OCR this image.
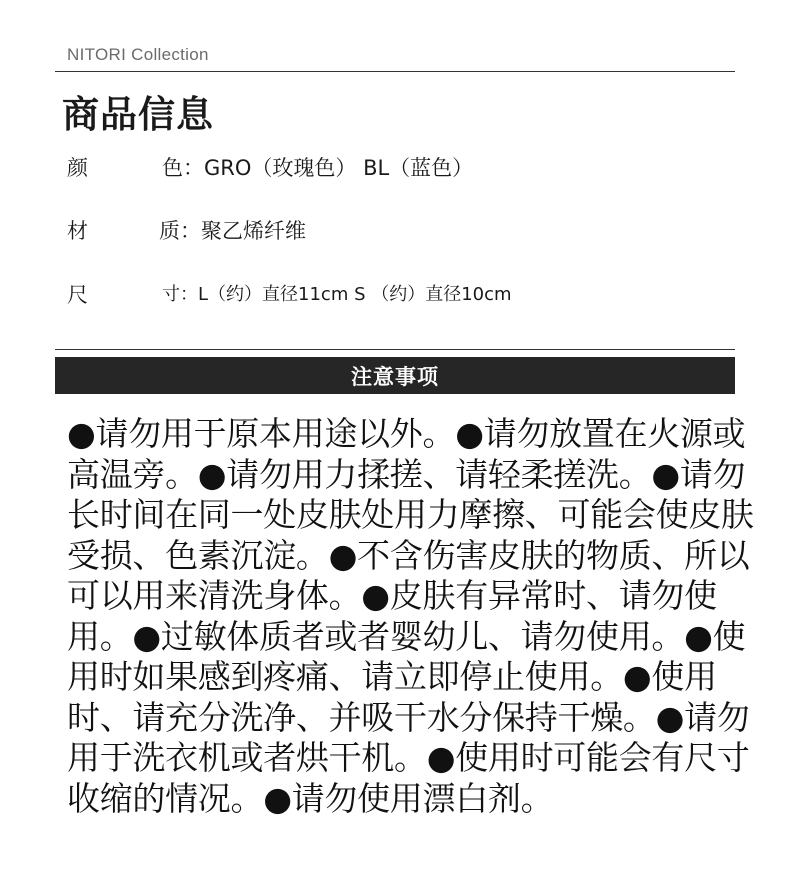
NITORI Collection
商品信息
颜	色：GRO（玫瑰色） BL（蓝色）
材	质：聚乙烯纤维
尺	寸：L（约）直径11cm S （约）直径10cm
注意事项
●请勿用于原本用途以外。●请勿放置在火源或
高温旁。●请勿用力揉搓、请轻柔搓洗。●请勿
长时间在同一处皮肤处用力摩擦、可能会使皮肤
受损、色素沉淀。●不含伤害皮肤的物质、所以
可以用来清洗身体。●皮肤有异常时、请勿使
用。●过敏体质者或者婴幼儿、请勿使用。●使
用时如果感到疼痛、请立即停止使用。●使用
时、请充分洗净、并吸干水分保持干燥。●请勿
用于洗衣机或者烘干机。●使用时可能会有尺寸
收缩的情况。●请勿使用漂白剂。
